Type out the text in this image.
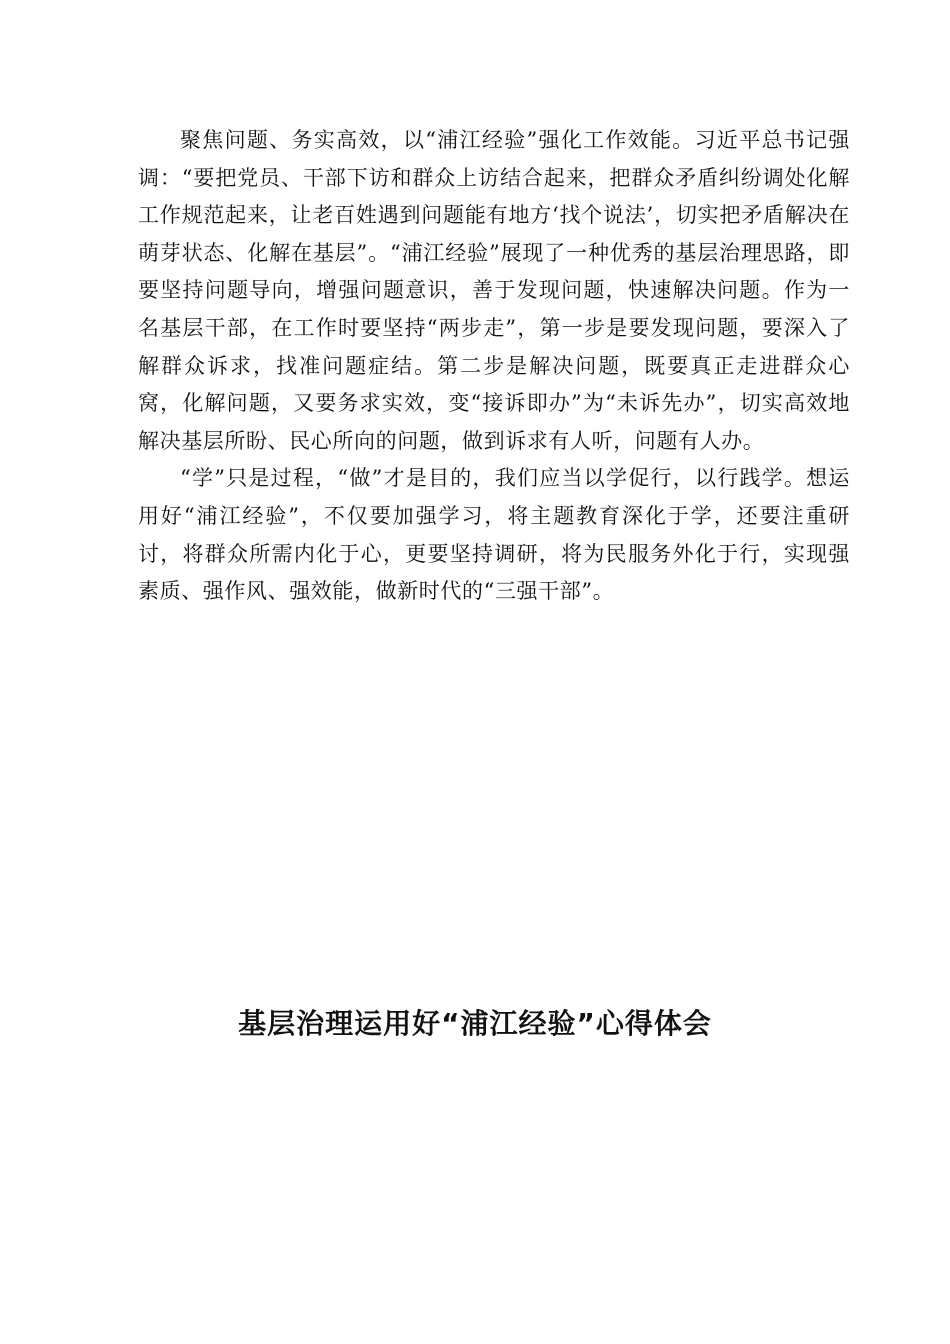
聚焦问题、务实高效，以“浦江经验”强化工作效能。习近平总书记强调：“要把党员、干部下访和群众上访结合起来，把群众矛盾纠纷调处化解工作规范起来，让老百姓遇到问题能有地方‘找个说法’，切实把矛盾解决在萌芽状态、化解在基层”。“浦江经验”展现了一种优秀的基层治理思路，即要坚持问题导向，增强问题意识，善于发现问题，快速解决问题。作为一名基层干部，在工作时要坚持“两步走”，第一步是要发现问题，要深入了解群众诉求，找准问题症结。第二步是解决问题，既要真正走进群众心窝，化解问题，又要务求实效，变“接诉即办”为“未诉先办”，切实高效地解决基层所盼、民心所向的问题，做到诉求有人听，问题有人办。

“学”只是过程，“做”才是目的，我们应当以学促行，以行践学。想运用好“浦江经验”，不仅要加强学习，将主题教育深化于学，还要注重研讨，将群众所需内化于心，更要坚持调研，将为民服务外化于行，实现强素质、强作风、强效能，做新时代的“三强干部”。

基层治理运用好“浦江经验”心得体会
